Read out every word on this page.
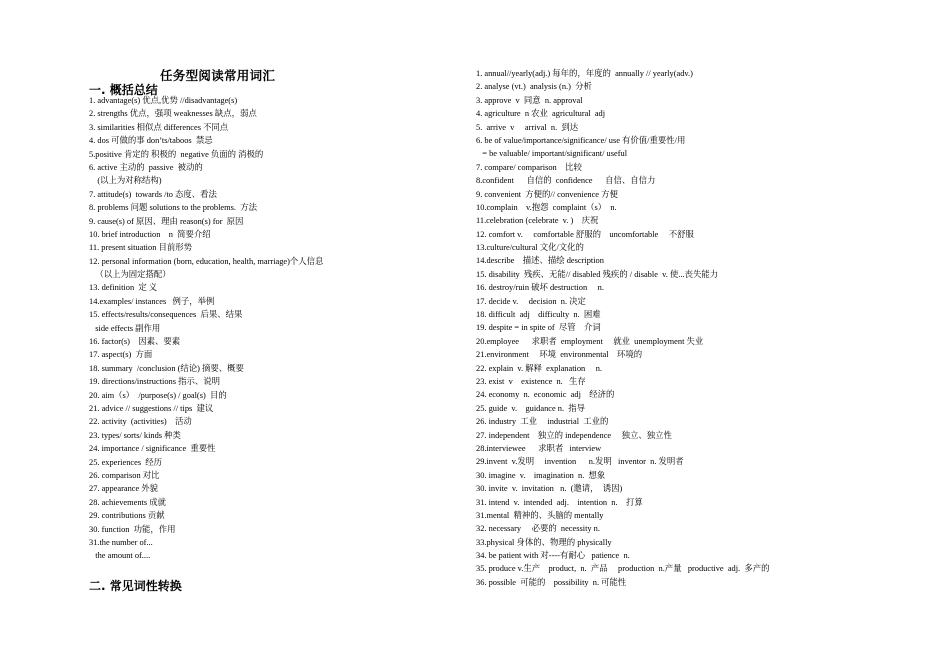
任务型阅读常用词汇
一. 概括总结
1. advantage(s) 优点,优势 //disadvantage(s)
2. strengths 优点，强项 weaknesses 缺点，弱点
3. similarities 相似点 differences 不同点
4. dos 可做的事 don’ts/taboos  禁忌
5.positive 肯定的 积极的  negative 负面的 消极的
6. active 主动的  passive  被动的
(以上为对称结构)
7. attitude(s)  towards /to 态度、看法
8. problems 问题 solutions to the problems.  方法
9. cause(s) of 原因、理由 reason(s) for  原因
10. brief introduction    n  简要介绍
11. present situation 目前形势
12. personal information (born, education, health, marriage)个人信息
（以上为固定搭配）
13. definition  定 义
14.examples/ instances   例子，举例
15. effects/results/consequences  后果、结果
side effects 副作用
16. factor(s)    因素、要素
17. aspect(s)  方面
18. summary  /conclusion (结论) 摘要、概要
19. directions/instructions 指示、说明
20. aim（s）  /purpose(s) / goal(s)  目的
21. advice // suggestions // tips  建议
22. activity  (activities)    活动
23. types/ sorts/ kinds 种类
24. importance / significance  重要性
25. experiences  经历
26. comparison 对比
27. appearance 外貌
28. achievements 成就
29. contributions 贡献
30. function  功能，作用
31.the number of...
the amount of....
1. annual//yearly(adj.) 每年的，年度的  annually // yearly(adv.)
2. analyse (vt.)  analysis (n.)  分析
3. approve  v  同意  n. approval
4. agriculture  n 农业  agricultural  adj
5.  arrive  v     arrival  n.  到达
6. be of value/importance/significance/ use 有价值/重要性/用
= be valuable/ important/significant/ useful
7. compare/ comparison    比较
8.confident      自信的  confidence      自信、自信力
9. convenient  方便的// convenience 方便
10.complain    v.抱怨  complaint（s）  n.
11.celebration (celebrate  v. )    庆祝
12. comfort v.     comfortable 舒服的    uncomfortable     不舒服
13.culture/cultural 文化/文化的
14.describe    描述、描绘 description
15. disability  残疾、无能// disabled 残疾的 / disable  v. 使...丧失能力
16. destroy/ruin 破坏 destruction     n.
17. decide v.     decision  n. 决定
18. difficult  adj    difficulty  n.  困难
19. despite = in spite of  尽管    介词
20.employee      求职者  employment     就业  unemployment 失业
21.environment     环境  environmental    环境的
22. explain  v. 解释  explanation     n.
23. exist  v    existence  n.   生存
24. economy  n.  economic  adj    经济的
25. guide  v.    guidance n.  指导
26. industry  工业     industrial  工业的
27. independent    独立的 independence     独立、独立性
28.interviewee      求职者   interview
29.invent  v.发明     invention      n.发明   inventor  n. 发明者
30. imagine  v.    imagination  n.  想象
30. invite  v.  invitation   n.  (邀请，  诱因)
31. intend  v.  intended  adj.    intention  n.    打算
31.mental  精神的、头脑的 mentally
32. necessary     必要的  necessity n.
33.physical 身体的、物理的 physically
34. be patient with 对----有耐心   patience  n.
35. produce v.生产    product,  n.  产品     production  n.产量   productive  adj.  多产的
36. possible  可能的    possibility  n. 可能性
二. 常见词性转换
